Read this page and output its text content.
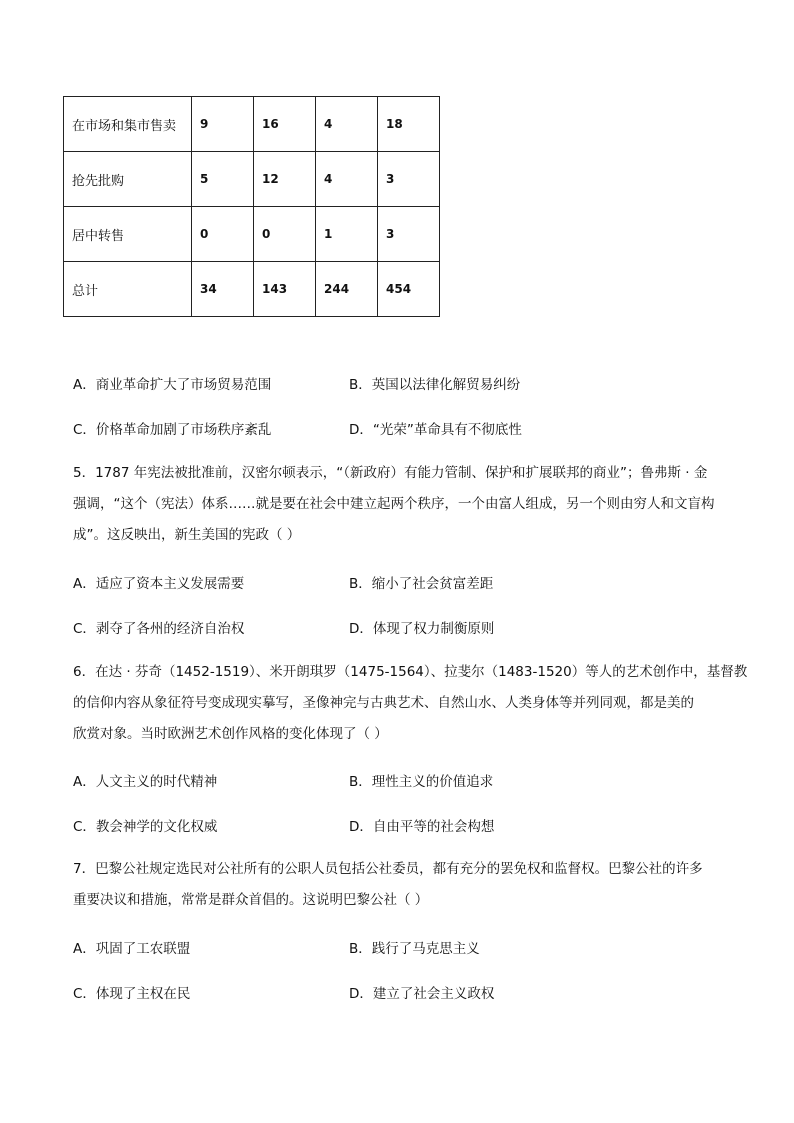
在市场和集市售卖	9	16	4	18
抢先批购	5	12	4	3
居中转售	0	0	1	3
总计	34	143	244	454
A．商业革命扩大了市场贸易范围	B．英国以法律化解贸易纠纷
C．价格革命加剧了市场秩序紊乱	D．“光荣”革命具有不彻底性
5．1787 年宪法被批准前，汉密尔顿表示，“（新政府）有能力管制、保护和扩展联邦的商业”；鲁弗斯 · 金
强调，“这个（宪法）体系……就是要在社会中建立起两个秩序，一个由富人组成，另一个则由穷人和文盲构
成”。这反映出，新生美国的宪政（ ）
A．适应了资本主义发展需要	B．缩小了社会贫富差距
C．剥夺了各州的经济自治权	D．体现了权力制衡原则
6．在达 · 芬奇（1452-1519）、米开朗琪罗（1475-1564）、拉斐尔（1483-1520）等人的艺术创作中，基督教
的信仰内容从象征符号变成现实摹写，圣像神完与古典艺术、自然山水、人类身体等并列同观，都是美的
欣赏对象。当时欧洲艺术创作风格的变化体现了（ ）
A．人文主义的时代精神	B．理性主义的价值追求
C．教会神学的文化权威	D．自由平等的社会构想
7．巴黎公社规定选民对公社所有的公职人员包括公社委员，都有充分的罢免权和监督权。巴黎公社的许多
重要决议和措施，常常是群众首倡的。这说明巴黎公社（ ）
A．巩固了工农联盟	B．践行了马克思主义
C．体现了主权在民	D．建立了社会主义政权
